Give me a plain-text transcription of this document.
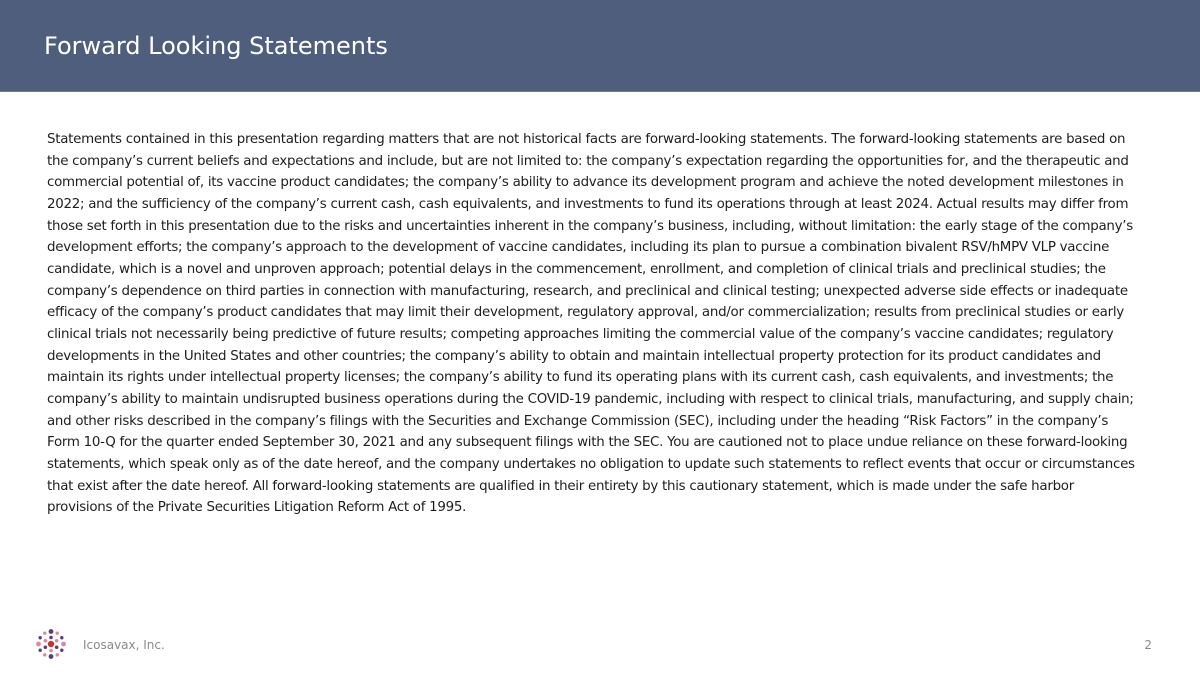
Forward Looking Statements

Statements contained in this presentation regarding matters that are not historical facts are forward-looking statements. The forward-looking statements are based on the company’s current beliefs and expectations and include, but are not limited to: the company’s expectation regarding the opportunities for, and the therapeutic and commercial potential of, its vaccine product candidates; the company’s ability to advance its development program and achieve the noted development milestones in 2022; and the sufficiency of the company’s current cash, cash equivalents, and investments to fund its operations through at least 2024. Actual results may differ from those set forth in this presentation due to the risks and uncertainties inherent in the company’s business, including, without limitation: the early stage of the company’s development efforts; the company’s approach to the development of vaccine candidates, including its plan to pursue a combination bivalent RSV/hMPV VLP vaccine candidate, which is a novel and unproven approach; potential delays in the commencement, enrollment, and completion of clinical trials and preclinical studies; the company’s dependence on third parties in connection with manufacturing, research, and preclinical and clinical testing; unexpected adverse side effects or inadequate efficacy of the company’s product candidates that may limit their development, regulatory approval, and/or commercialization; results from preclinical studies or early clinical trials not necessarily being predictive of future results; competing approaches limiting the commercial value of the company’s vaccine candidates; regulatory developments in the United States and other countries; the company’s ability to obtain and maintain intellectual property protection for its product candidates and maintain its rights under intellectual property licenses; the company’s ability to fund its operating plans with its current cash, cash equivalents, and investments; the company’s ability to maintain undisrupted business operations during the COVID-19 pandemic, including with respect to clinical trials, manufacturing, and supply chain; and other risks described in the company’s filings with the Securities and Exchange Commission (SEC), including under the heading “Risk Factors” in the company’s Form 10-Q for the quarter ended September 30, 2021 and any subsequent filings with the SEC. You are cautioned not to place undue reliance on these forward-looking statements, which speak only as of the date hereof, and the company undertakes no obligation to update such statements to reflect events that occur or circumstances that exist after the date hereof. All forward-looking statements are qualified in their entirety by this cautionary statement, which is made under the safe harbor provisions of the Private Securities Litigation Reform Act of 1995.

Icosavax, Inc.	2
